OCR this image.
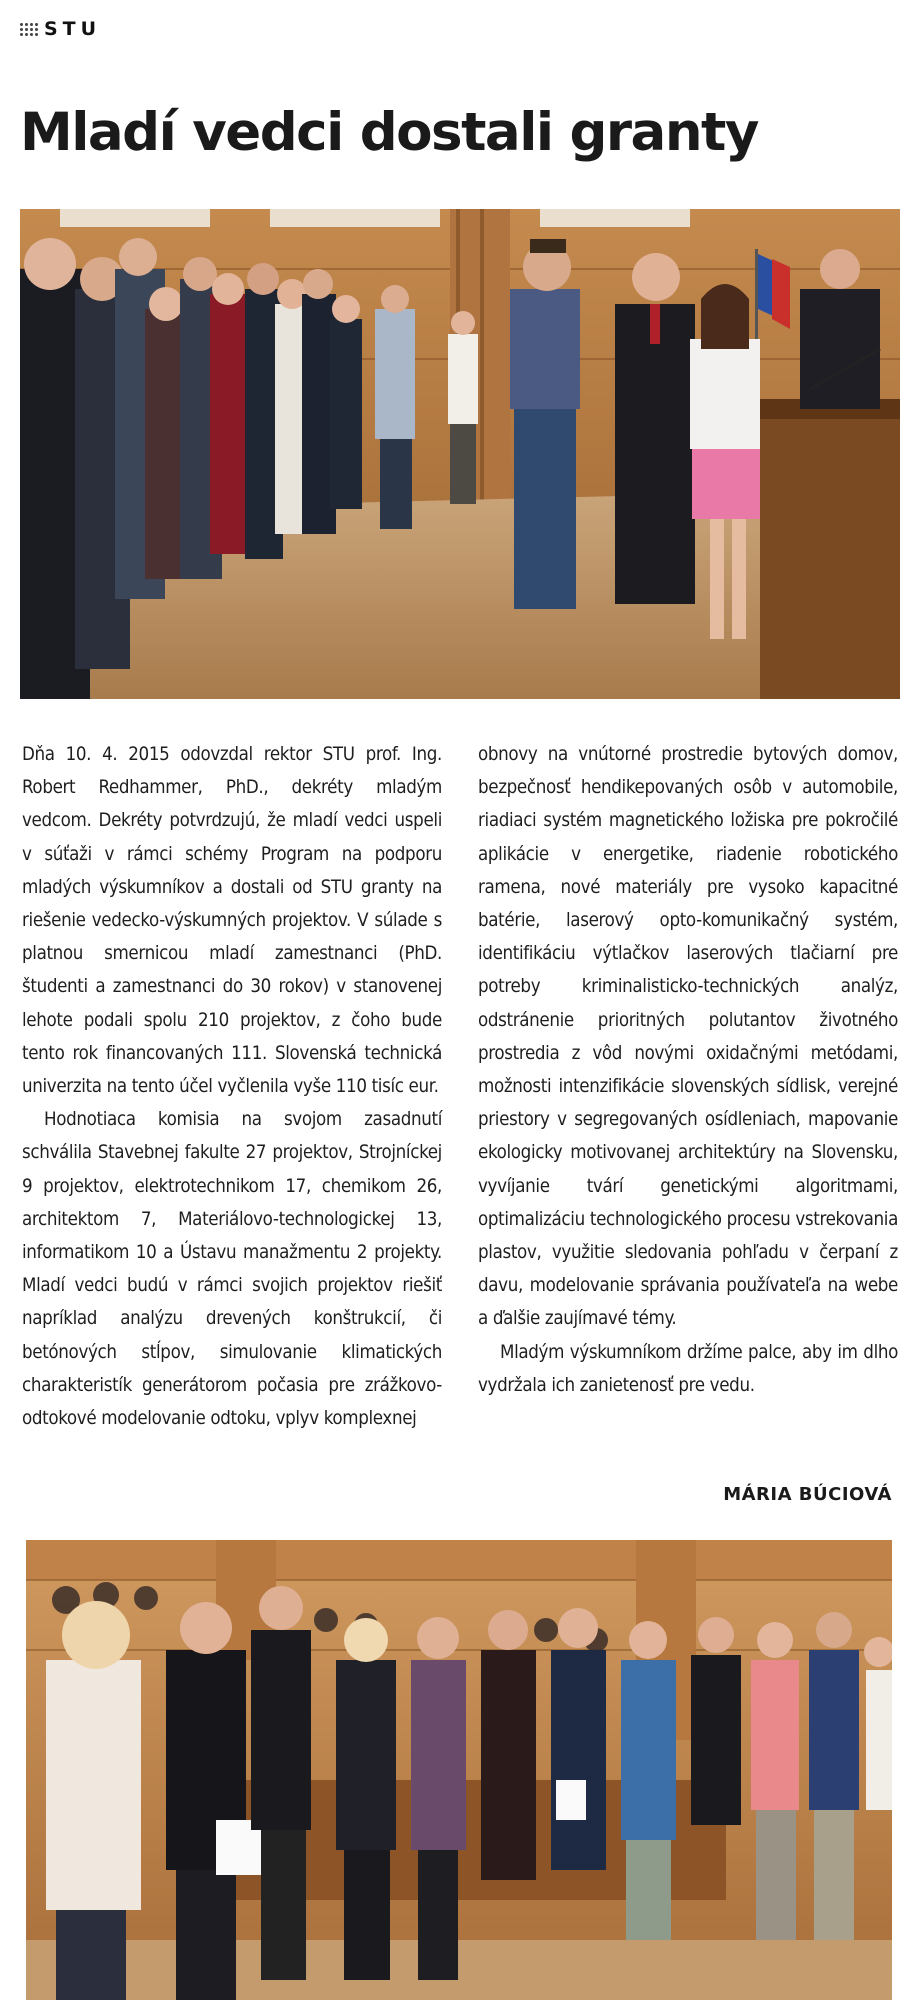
STU
Mladí vedci dostali granty

Dňa 10. 4. 2015 odovzdal rektor STU prof. Ing. Robert Redhammer, PhD., dekréty mladým vedcom. Dekréty potvrdzujú, že mladí vedci uspeli v súťaži v rámci schémy Program na podporu mladých výskumníkov a dostali od STU granty na riešenie vedecko-výskumných projektov. V súlade s platnou smernicou mladí zamestnanci (PhD. študenti a zamestnanci do 30 rokov) v stanovenej lehote podali spolu 210 projektov, z čoho bude tento rok financovaných 111. Slovenská technická univerzita na tento účel vyčlenila vyše 110 tisíc eur.

Hodnotiaca komisia na svojom zasadnutí schválila Stavebnej fakulte 27 projektov, Strojníckej 9 projektov, elektrotechnikom 17, chemikom 26, architektom 7, Materiálovo-technologickej 13, informatikom 10 a Ústavu manažmentu 2 projekty. Mladí vedci budú v rámci svojich projektov riešiť napríklad analýzu drevených konštrukcií, či betónových stĺpov, simulovanie klimatických charakteristík generátorom počasia pre zrážkovo-odtokové modelovanie odtoku, vplyv komplexnej

obnovy na vnútorné prostredie bytových domov, bezpečnosť hendikepovaných osôb v automobile, riadiaci systém magnetického ložiska pre pokročilé aplikácie v energetike, riadenie robotického ramena, nové materiály pre vysoko kapacitné batérie, laserový opto-komunikačný systém, identifikáciu výtlačkov laserových tlačiarní pre potreby kriminalisticko-technických analýz, odstránenie prioritných polutantov životného prostredia z vôd novými oxidačnými metódami, možnosti intenzifikácie slovenských sídlisk, verejné priestory v segregovaných osídleniach, mapovanie ekologicky motivovanej architektúry na Slovensku, vyvíjanie tvárí genetickými algoritmami, optimalizáciu technologického procesu vstrekovania plastov, využitie sledovania pohľadu v čerpaní z davu, modelovanie správania používateľa na webe a ďalšie zaujímavé témy.

Mladým výskumníkom držíme palce, aby im dlho vydržala ich zanietenosť pre vedu.

MÁRIA BÚCIOVÁ
